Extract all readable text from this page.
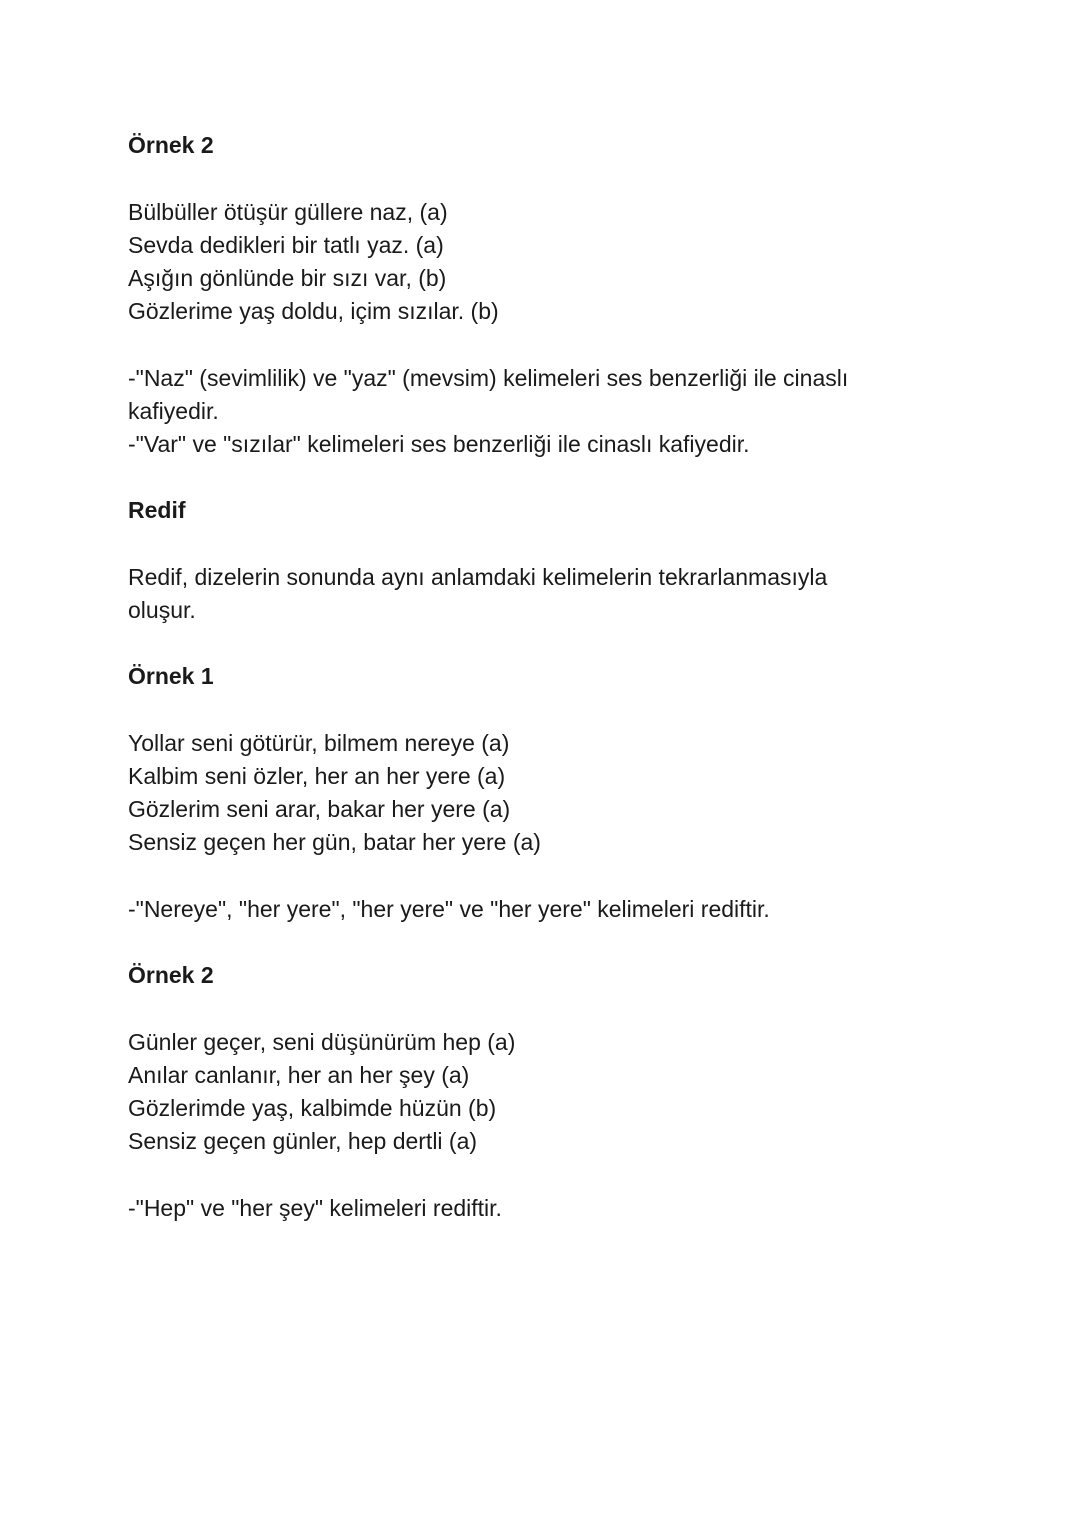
Örnek 2
Bülbüller ötüşür güllere naz, (a)
Sevda dedikleri bir tatlı yaz. (a)
Aşığın gönlünde bir sızı var, (b)
Gözlerime yaş doldu, içim sızılar. (b)
-"Naz" (sevimlilik) ve "yaz" (mevsim) kelimeleri ses benzerliği ile cinaslı kafiyedir.
-"Var" ve "sızılar" kelimeleri ses benzerliği ile cinaslı kafiyedir.
Redif
Redif, dizelerin sonunda aynı anlamdaki kelimelerin tekrarlanmasıyla oluşur.
Örnek 1
Yollar seni götürür, bilmem nereye (a)
Kalbim seni özler, her an her yere (a)
Gözlerim seni arar, bakar her yere (a)
Sensiz geçen her gün, batar her yere (a)
-"Nereye", "her yere", "her yere" ve "her yere" kelimeleri rediftir.
Örnek 2
Günler geçer, seni düşünürüm hep (a)
Anılar canlanır, her an her şey (a)
Gözlerimde yaş, kalbimde hüzün (b)
Sensiz geçen günler, hep dertli (a)
-"Hep" ve "her şey" kelimeleri rediftir.
